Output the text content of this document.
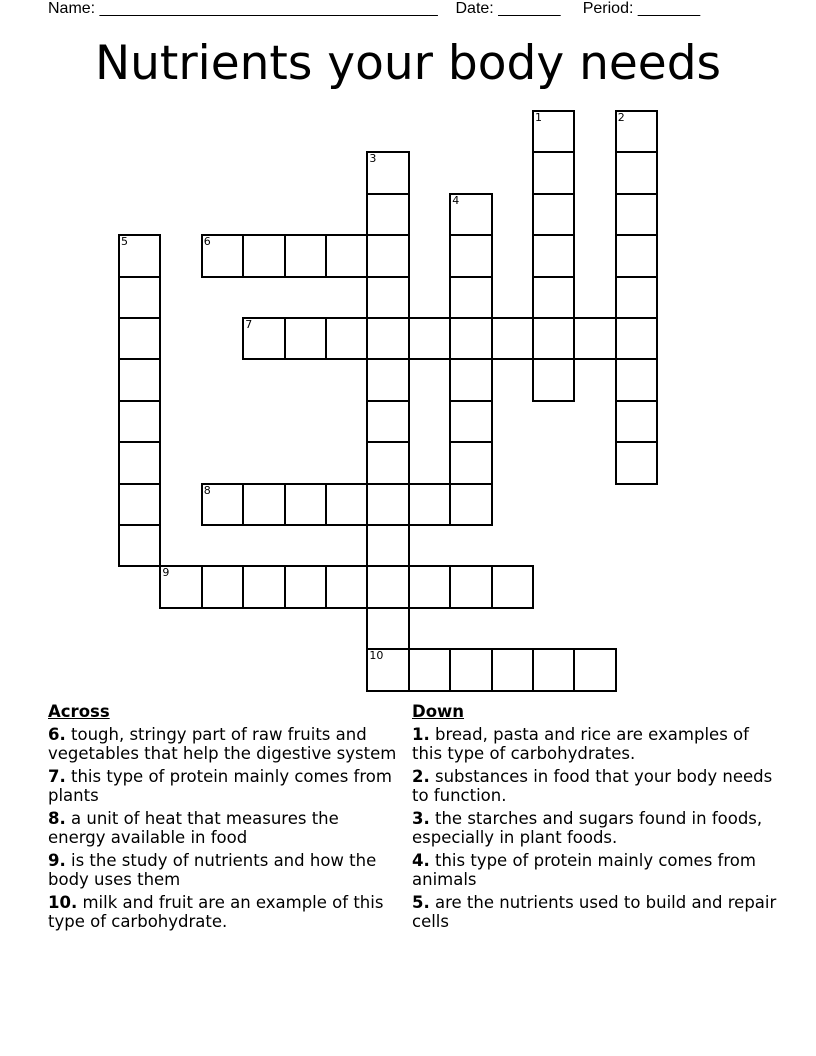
Name: ______________________________________ Date: _______ Period: _______
Nutrients your body needs
1	2
3
10
4
5	6
7
8
9
Across
6. tough, stringy part of raw fruits and vegetables that help the digestive system
7. this type of protein mainly comes from plants
8. a unit of heat that measures the energy available in food
9. is the study of nutrients and how the body uses them
10. milk and fruit are an example of this type of carbohydrate.
Down
1. bread, pasta and rice are examples of this type of carbohydrates.
2. substances in food that your body needs to function.
3. the starches and sugars found in foods, especially in plant foods.
4. this type of protein mainly comes from animals
5. are the nutrients used to build and repair cells
